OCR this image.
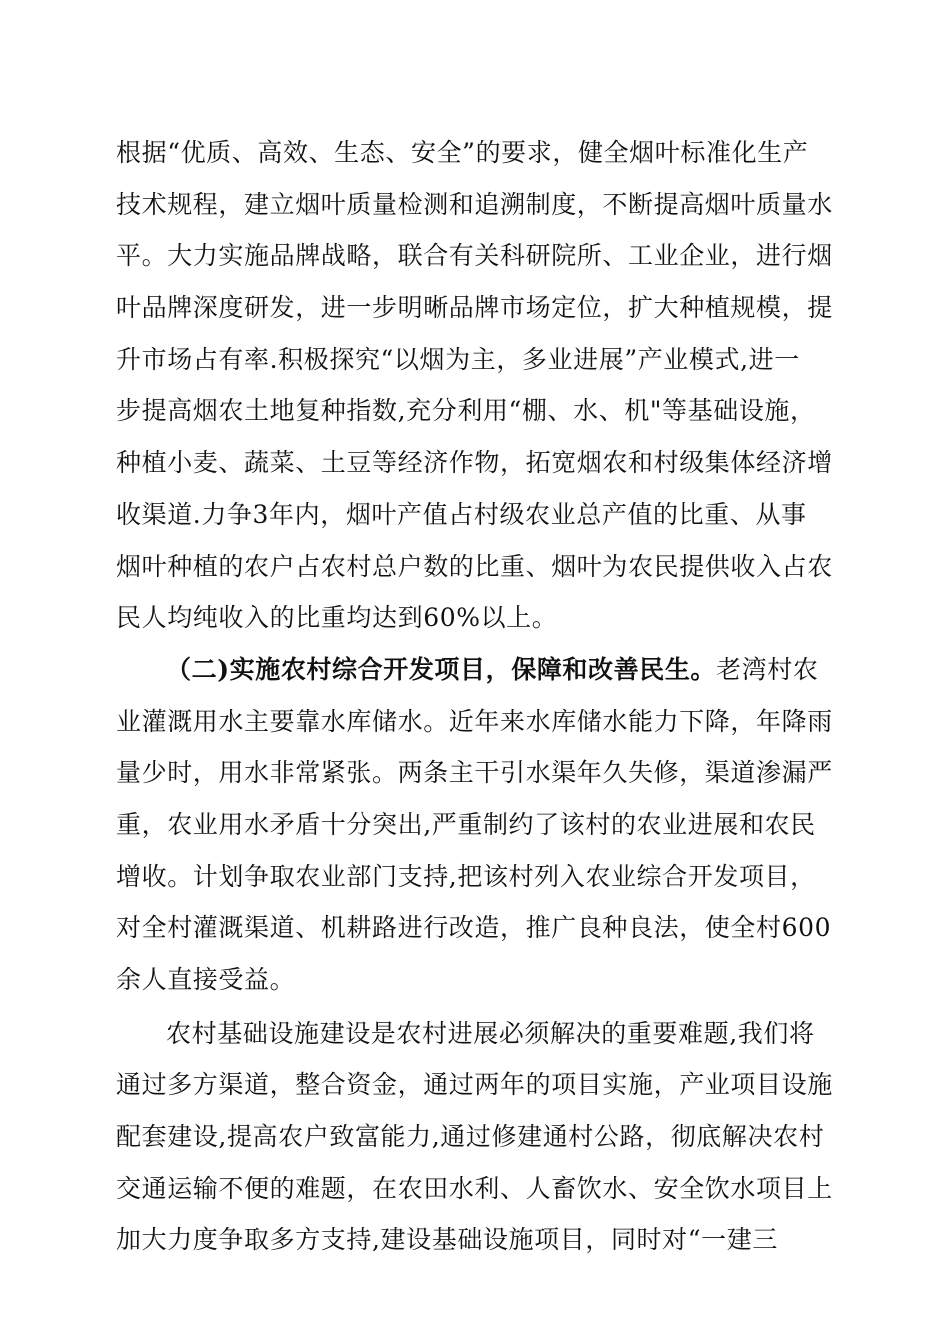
根据“优质、高效、生态、安全”的要求，健全烟叶标准化生产
技术规程，建立烟叶质量检测和追溯制度，不断提高烟叶质量水
平。大力实施品牌战略，联合有关科研院所、工业企业，进行烟
叶品牌深度研发，进一步明晰品牌市场定位，扩大种植规模，提
升市场占有率.积极探究“以烟为主，多业进展”产业模式,进一
步提高烟农土地复种指数,充分利用“棚、水、机"等基础设施，
种植小麦、蔬菜、土豆等经济作物，拓宽烟农和村级集体经济增
收渠道.力争3年内，烟叶产值占村级农业总产值的比重、从事
烟叶种植的农户占农村总户数的比重、烟叶为农民提供收入占农
民人均纯收入的比重均达到60%以上。
（二)实施农村综合开发项目，保障和改善民生。老湾村农
业灌溉用水主要靠水库储水。近年来水库储水能力下降，年降雨
量少时，用水非常紧张。两条主干引水渠年久失修，渠道渗漏严
重，农业用水矛盾十分突出,严重制约了该村的农业进展和农民
增收。计划争取农业部门支持,把该村列入农业综合开发项目，
对全村灌溉渠道、机耕路进行改造，推广良种良法，使全村600
余人直接受益。
农村基础设施建设是农村进展必须解决的重要难题,我们将
通过多方渠道，整合资金，通过两年的项目实施，产业项目设施
配套建设,提高农户致富能力,通过修建通村公路，彻底解决农村
交通运输不便的难题，在农田水利、人畜饮水、安全饮水项目上
加大力度争取多方支持,建设基础设施项目，同时对“一建三
